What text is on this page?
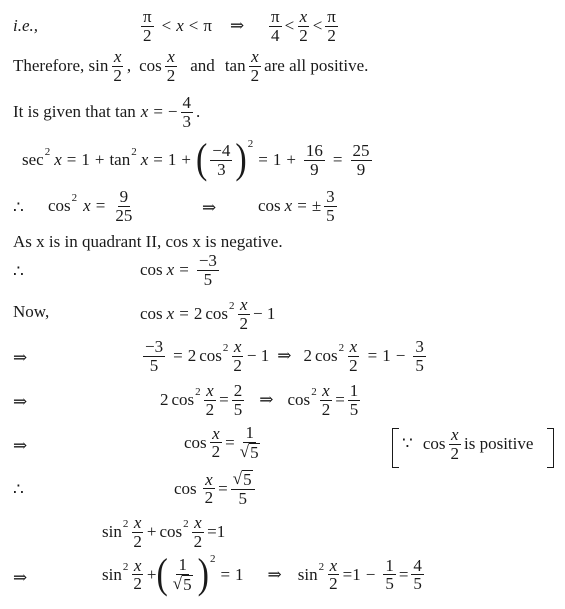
i.e.,	$\frac{\pi}{2} < x < \pi$ ⇒ $\frac{\pi}{4} < \frac{x}{2} < \frac{\pi}{2}$
Therefore, $\sin \frac{x}{2}$ , $\cos \frac{x}{2}$ and $\tan \frac{x}{2}$ are all positive.
It is given that tan x = − $\frac{4}{3}$ .
sec 2 x = 1 + tan 2 x = 1 + ( $\frac{-4}{3}$ ) 2
= $1 + \frac{16}{9} = \frac{25}{9}$
∴ cos 2 $x = \frac{9}{25}$	⇒ cos x = ± $\frac{3}{5}$
As x is in quadrant II, cos x is negative.
∴	$\cos x = \frac{-3}{5}$
Now,	cos x = 2 $\cos 2 \frac{x}{2} - 1$
⇒	$\frac{-3}{5} = 2$ $\cos 2 \frac{x}{2} - 1$ ⇒ 2 $\cos 2 \frac{x}{2} = 1 - \frac{3}{5}$
⇒	2 $\cos 2 \frac{x}{2} = \frac{2}{5}$ ⇒ $\cos 2 \frac{x}{2} = \frac{1}{5}$
⇒	$\cos \frac{x}{2} = \frac{1}{√ 5}$	∵ $\cos \frac{x}{2}$ is positive
∴	$\cos \frac{x}{2} = \frac{√ 5}{5}$
$\sin 2 \frac{x}{2} + \cos 2 \frac{x}{2} = 1$
⇒	$\sin 2 \frac{x}{2}$ + ( $\frac{1}{√ 5}$ ) 2
= 1 ⇒ $\sin 2 \frac{x}{2} = 1 - \frac{1}{5} = \frac{4}{5}$
